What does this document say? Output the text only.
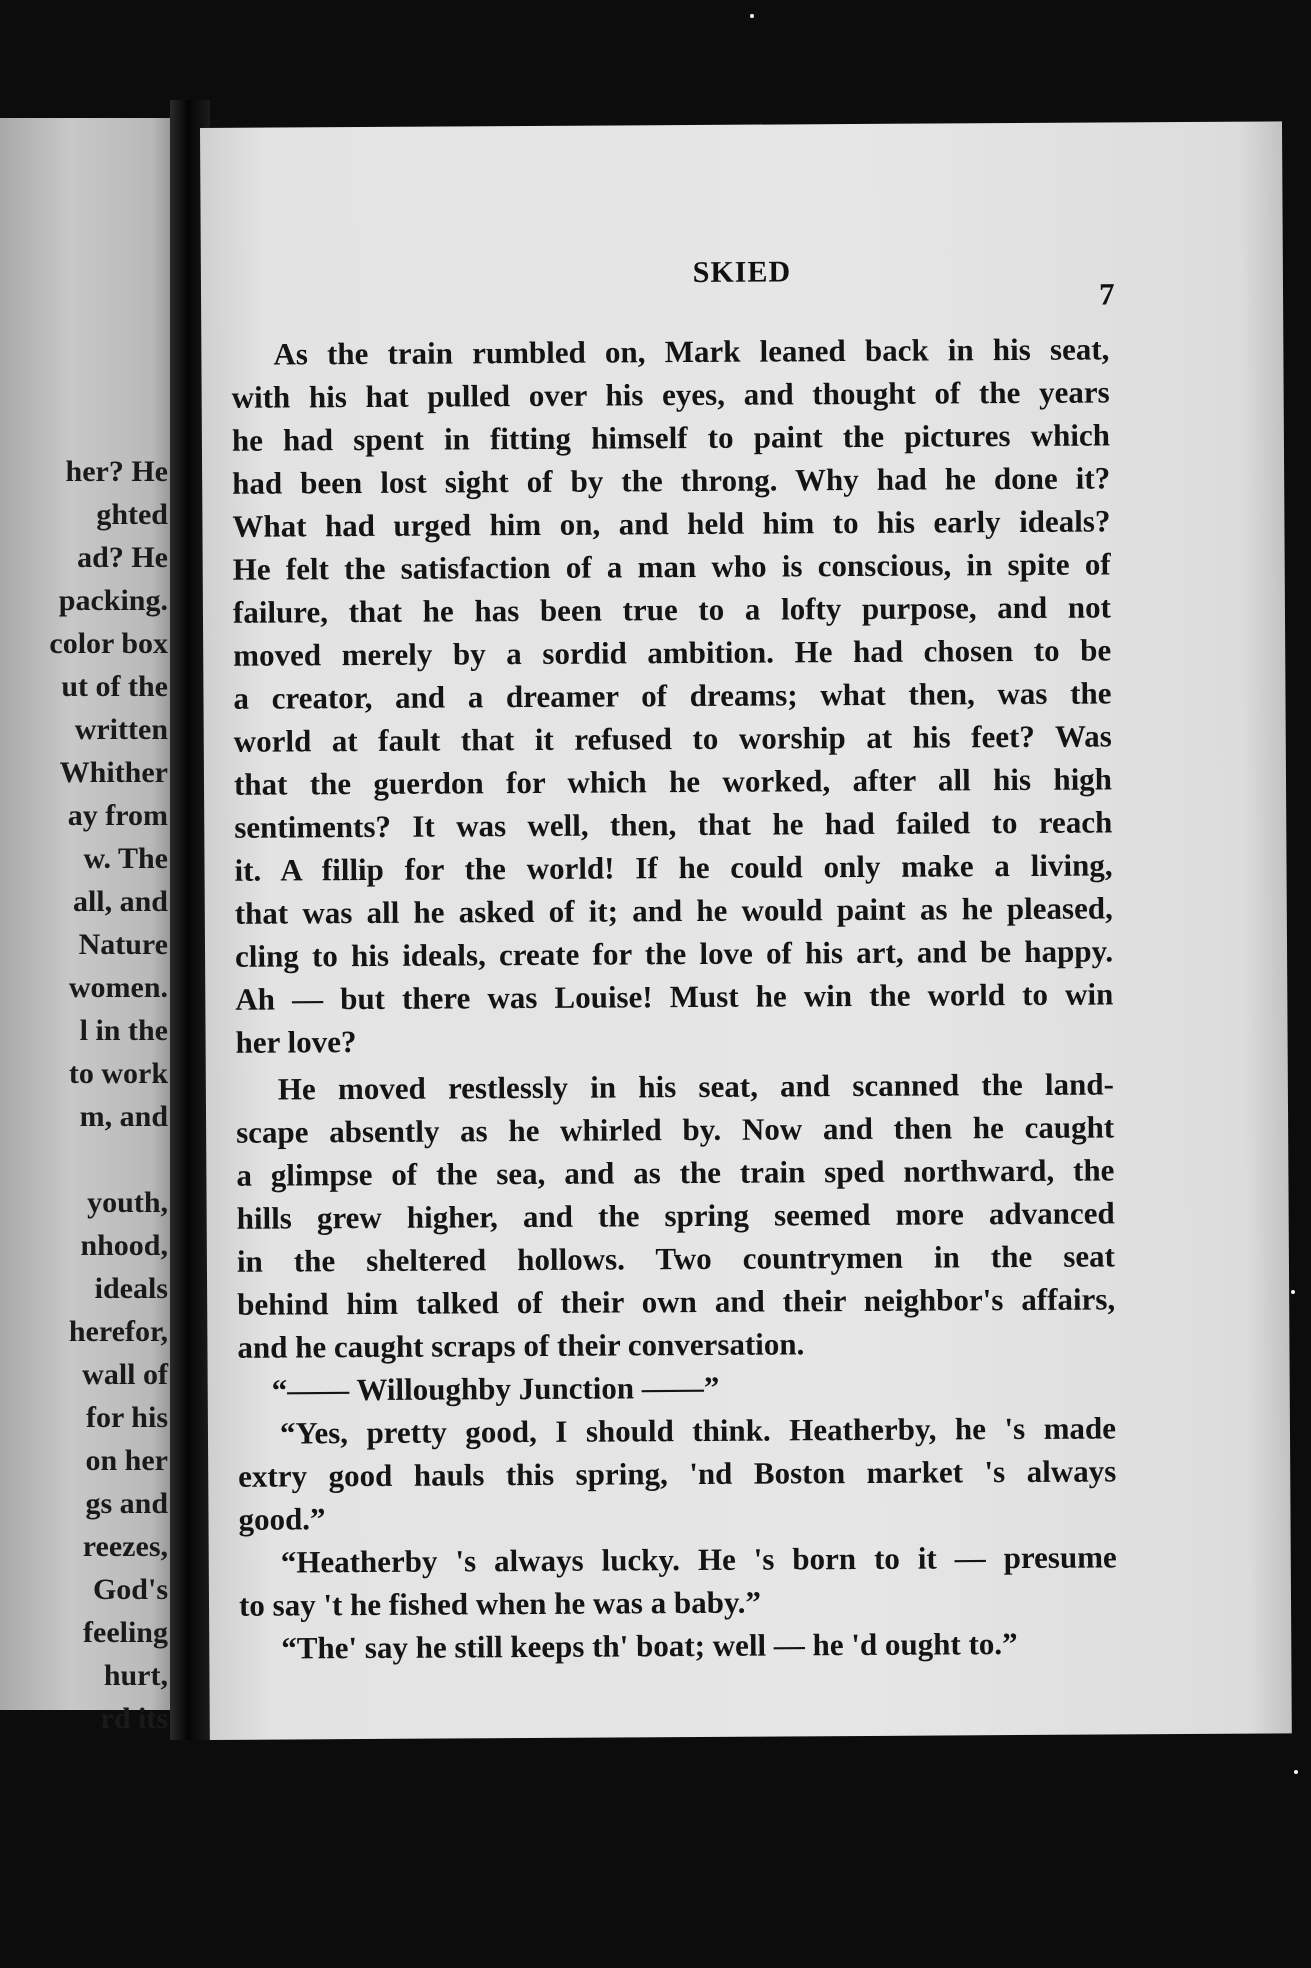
her? He
ghted
ad? He
packing.
color box
ut of the
written
Whither
ay from
w. The
all, and
Nature
women.
l in the
to work
m, and
youth,
nhood,
ideals
herefor,
wall of
for his
on her
gs and
reezes,
God's
feeling
hurt,
rd its
SKIED
7
As the train rumbled on, Mark leaned back in his seat,
with his hat pulled over his eyes, and thought of the years
he had spent in fitting himself to paint the pictures which
had been lost sight of by the throng. Why had he done it?
What had urged him on, and held him to his early ideals?
He felt the satisfaction of a man who is conscious, in spite of
failure, that he has been true to a lofty purpose, and not
moved merely by a sordid ambition. He had chosen to be
a creator, and a dreamer of dreams; what then, was the
world at fault that it refused to worship at his feet? Was
that the guerdon for which he worked, after all his high
sentiments? It was well, then, that he had failed to reach
it. A fillip for the world! If he could only make a living,
that was all he asked of it; and he would paint as he pleased,
cling to his ideals, create for the love of his art, and be happy.
Ah — but there was Louise! Must he win the world to win
her love?
He moved restlessly in his seat, and scanned the land-
scape absently as he whirled by. Now and then he caught
a glimpse of the sea, and as the train sped northward, the
hills grew higher, and the spring seemed more advanced
in the sheltered hollows. Two countrymen in the seat
behind him talked of their own and their neighbor's affairs,
and he caught scraps of their conversation.
“—— Willoughby Junction ——”
“Yes, pretty good, I should think. Heatherby, he 's made
extry good hauls this spring, 'nd Boston market 's always
good.”
“Heatherby 's always lucky. He 's born to it — presume
to say 't he fished when he was a baby.”
“The' say he still keeps th' boat; well — he 'd ought to.”
